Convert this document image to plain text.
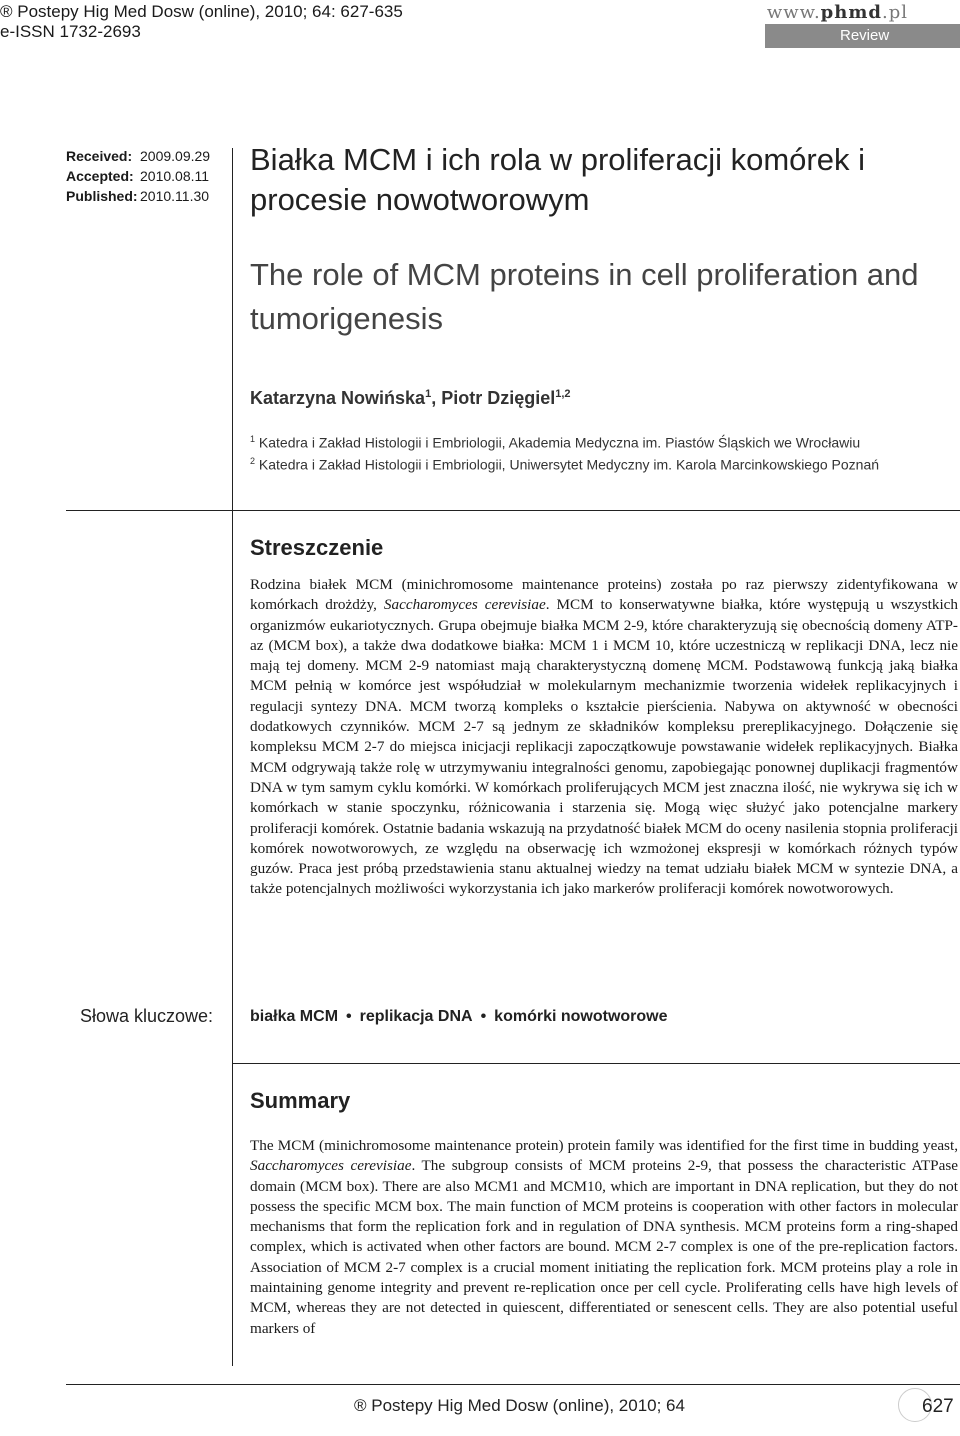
® Postepy Hig Med Dosw (online), 2010; 64: 627-635
e-ISSN 1732-2693
www.phmd.pl
Review
Received: 2009.09.29
Accepted: 2010.08.11
Published: 2010.11.30
Białka MCM i ich rola w proliferacji komórek i procesie nowotworowym
The role of MCM proteins in cell proliferation and tumorigenesis
Katarzyna Nowińska$^1$, Piotr Dzięgiel$^{1,2}$
$^1$ Katedra i Zakład Histologii i Embriologii, Akademia Medyczna im. Piastów Śląskich we Wrocławiu
$^2$ Katedra i Zakład Histologii i Embriologii, Uniwersytet Medyczny im. Karola Marcinkowskiego Poznań
Streszczenie
Rodzina białek MCM (minichromosome maintenance proteins) została po raz pierwszy zidentyfikowana w komórkach drożdży, Saccharomyces cerevisiae. MCM to konserwatywne białka, które występują u wszystkich organizmów eukariotycznych. Grupa obejmuje białka MCM 2-9, które charakteryzują się obecnością domeny ATP-az (MCM box), a także dwa dodatkowe białka: MCM 1 i MCM 10, które uczestniczą w replikacji DNA, lecz nie mają tej domeny. MCM 2-9 natomiast mają charakterystyczną domenę MCM. Podstawową funkcją jaką białka MCM pełnią w komórce jest współudział w molekularnym mechanizmie tworzenia widełek replikacyjnych i regulacji syntezy DNA. MCM tworzą kompleks o kształcie pierścienia. Nabywa on aktywność w obecności dodatkowych czynników. MCM 2-7 są jednym ze składników kompleksu prereplikacyjnego. Dołączenie się kompleksu MCM 2-7 do miejsca inicjacji replikacji zapoczątkowuje powstawanie widełek replikacyjnych. Białka MCM odgrywają także rolę w utrzymywaniu integralności genomu, zapobiegając ponownej duplikacji fragmentów DNA w tym samym cyklu komórki. W komórkach proliferujących MCM jest znaczna ilość, nie wykrywa się ich w komórkach w stanie spoczynku, różnicowania i starzenia się. Mogą więc służyć jako potencjalne markery proliferacji komórek. Ostatnie badania wskazują na przydatność białek MCM do oceny nasilenia stopnia proliferacji komórek nowotworowych, ze względu na obserwację ich wzmożonej ekspresji w komórkach różnych typów guzów. Praca jest próbą przedstawienia stanu aktualnej wiedzy na temat udziału białek MCM w syntezie DNA, a także potencjalnych możliwości wykorzystania ich jako markerów proliferacji komórek nowotworowych.
Słowa kluczowe: białka MCM • replikacja DNA • komórki nowotworowe
Summary
The MCM (minichromosome maintenance protein) protein family was identified for the first time in budding yeast, Saccharomyces cerevisiae. The subgroup consists of MCM proteins 2-9, that possess the characteristic ATPase domain (MCM box). There are also MCM1 and MCM10, which are important in DNA replication, but they do not possess the specific MCM box. The main function of MCM proteins is cooperation with other factors in molecular mechanisms that form the replication fork and in regulation of DNA synthesis. MCM proteins form a ring-shaped complex, which is activated when other factors are bound. MCM 2-7 complex is one of the pre-replication factors. Association of MCM 2-7 complex is a crucial moment initiating the replication fork. MCM proteins play a role in maintaining genome integrity and prevent re-replication once per cell cycle. Proliferating cells have high levels of MCM, whereas they are not detected in quiescent, differentiated or senescent cells. They are also potential useful markers of
® Postepy Hig Med Dosw (online), 2010; 64	627
